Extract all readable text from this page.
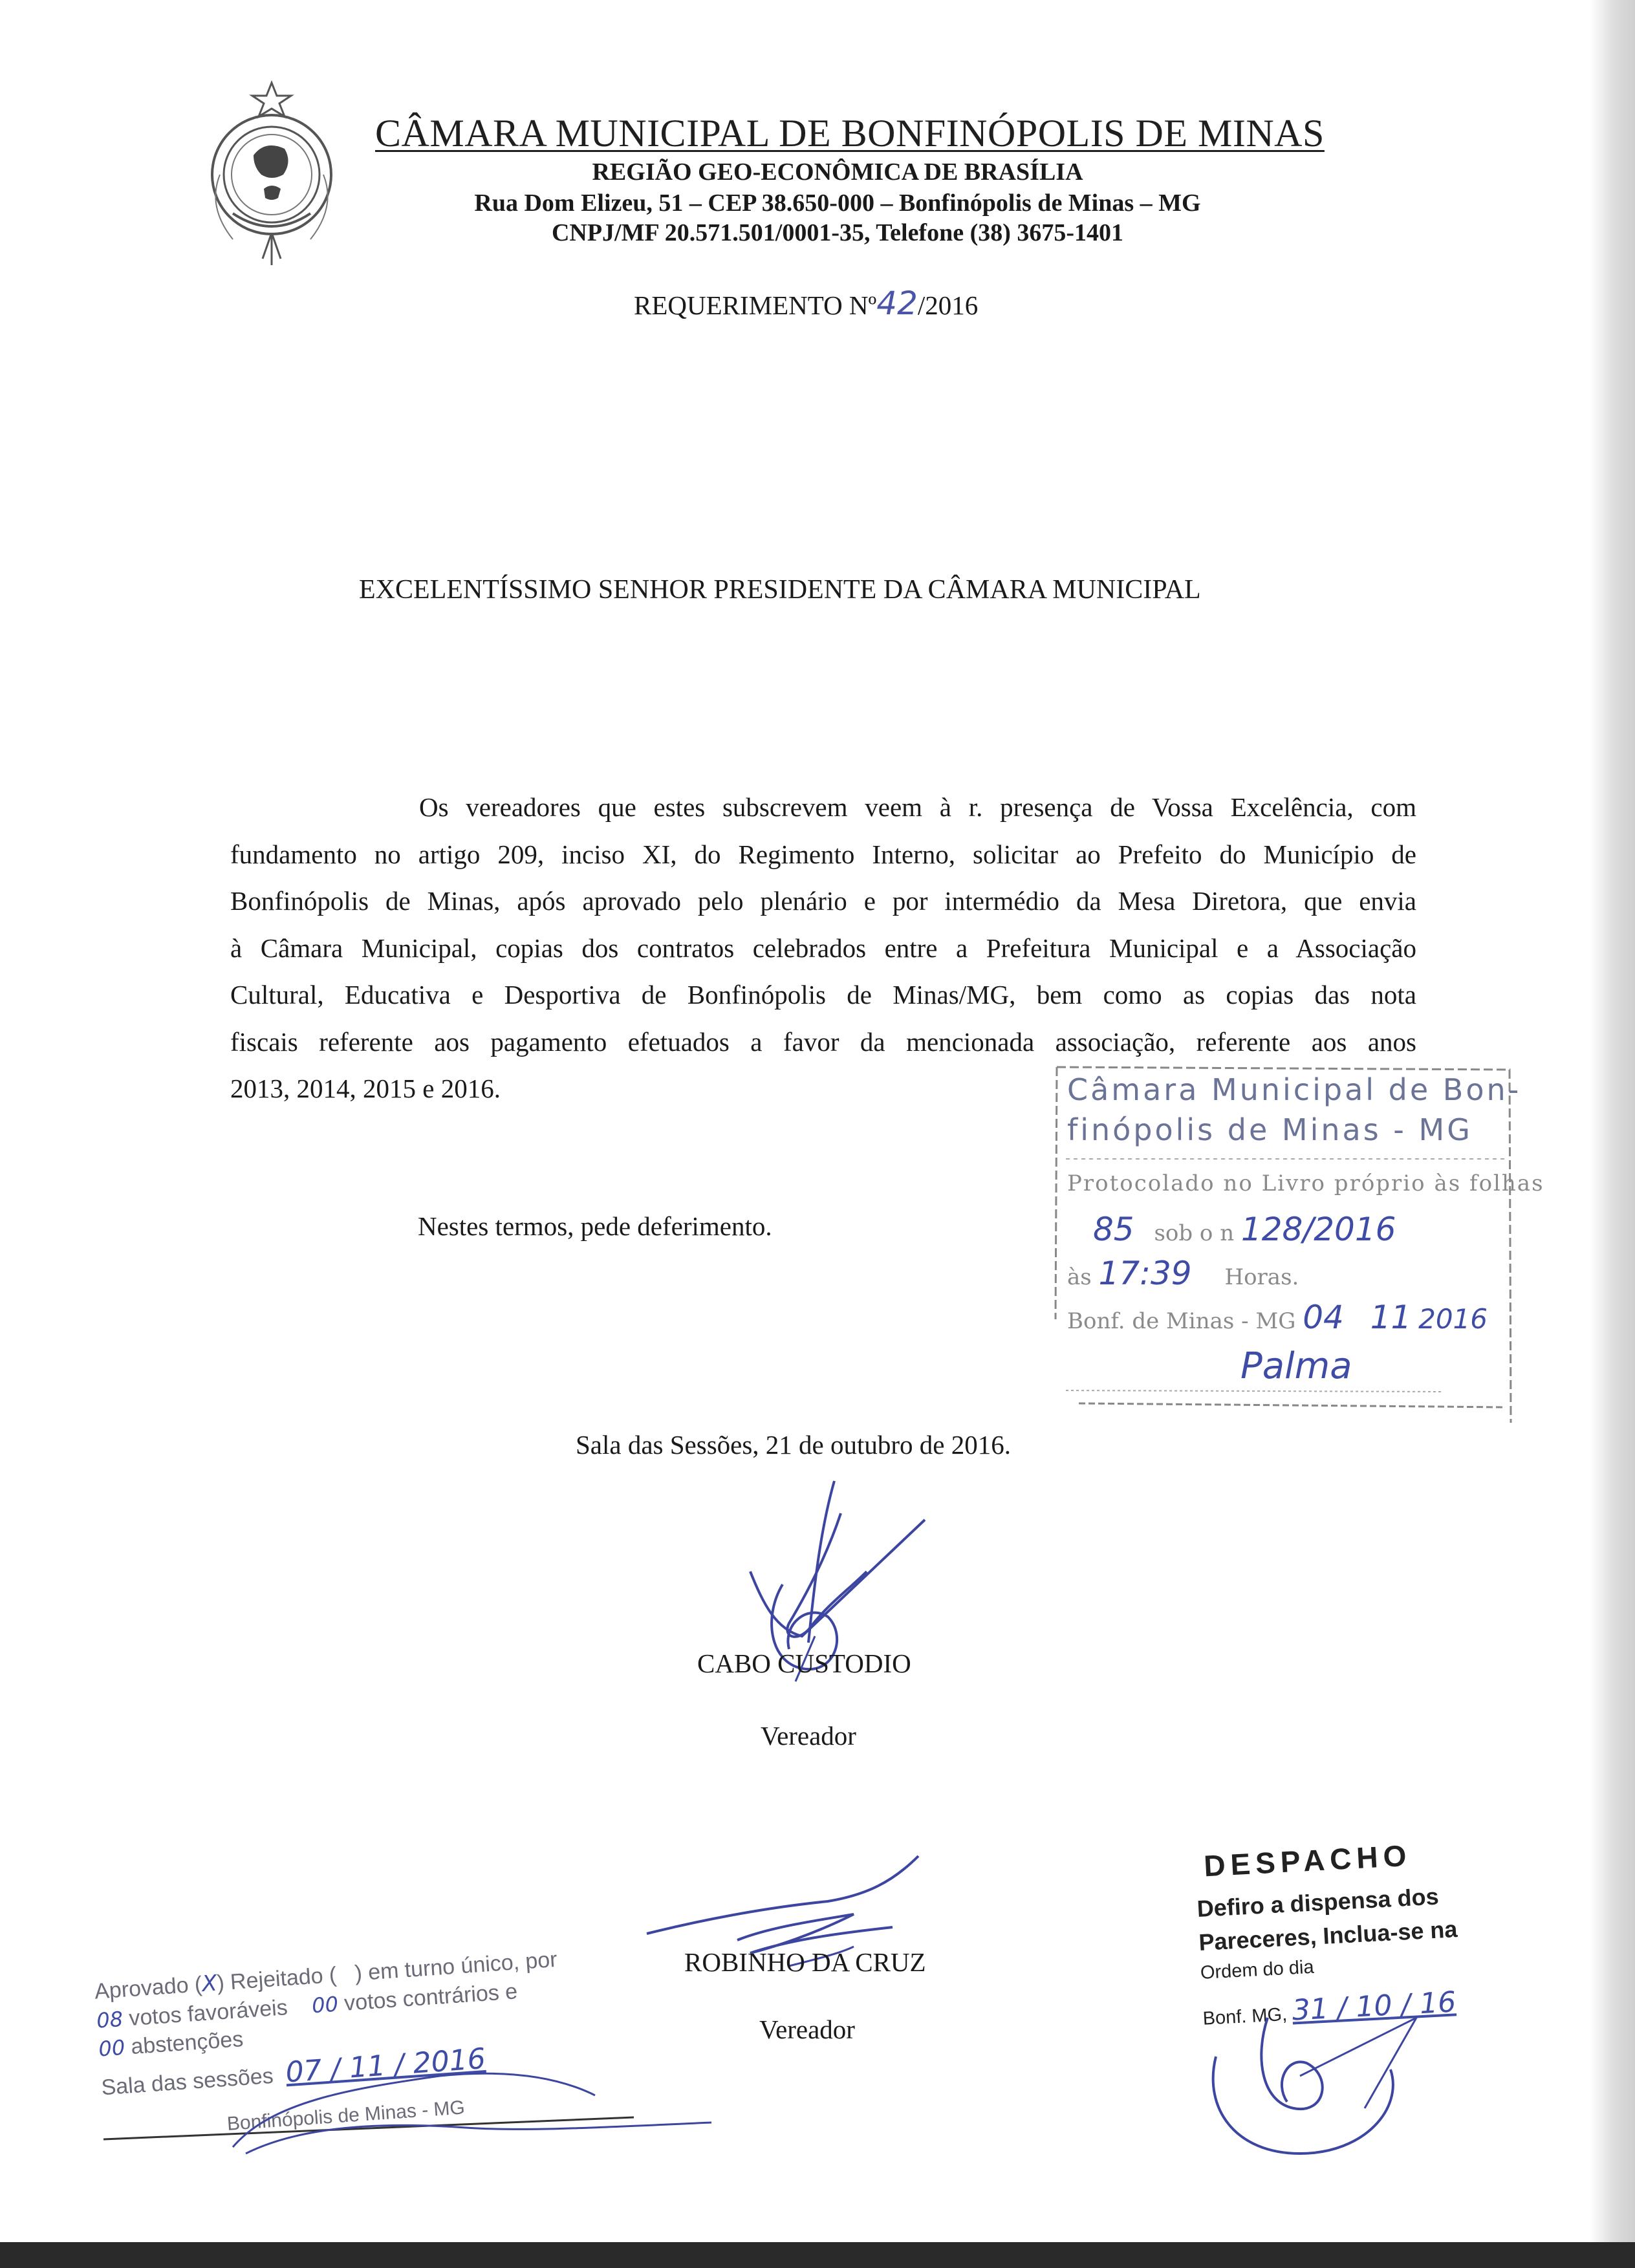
CÂMARA MUNICIPAL DE BONFINÓPOLIS DE MINAS
REGIÃO GEO-ECONÔMICA DE BRASÍLIA
Rua Dom Elizeu, 51 – CEP 38.650-000 – Bonfinópolis de Minas – MG
CNPJ/MF 20.571.501/0001-35, Telefone (38) 3675-1401
REQUERIMENTO Nº42/2016
EXCELENTÍSSIMO SENHOR PRESIDENTE DA CÂMARA MUNICIPAL
Os vereadores que estes subscrevem veem à r. presença de Vossa Excelência, com
fundamento no artigo 209, inciso XI, do Regimento Interno, solicitar ao Prefeito do Município de
Bonfinópolis de Minas, após aprovado pelo plenário e por intermédio da Mesa Diretora, que envia
à Câmara Municipal, copias dos contratos celebrados entre a Prefeitura Municipal e a Associação
Cultural, Educativa e Desportiva de Bonfinópolis de Minas/MG, bem como as copias das nota
fiscais referente aos pagamento efetuados a favor da mencionada associação, referente aos anos
2013, 2014, 2015 e 2016.
Nestes termos, pede deferimento.
Sala das Sessões, 21 de outubro de 2016.
Câmara Municipal de Bon-
finópolis de Minas - MG
Protocolado no Livro próprio às folhas
85 sob o n 128/2016
às 17:39 Horas.
Bonf. de Minas - MG 04 11 2016
Palma
CABO CUSTODIO
Vereador
ROBINHO DA CRUZ
Vereador
Aprovado (X) Rejeitado ( ) em turno único, por
08 votos favoráveis 00 votos contrários e
00 abstenções
Sala das sessões 07 / 11 / 2016
Bonfinópolis de Minas - MG
DESPACHO
Defiro a dispensa dos
Pareceres, Inclua-se na
Ordem do dia
Bonf. MG, 31 / 10 / 16
